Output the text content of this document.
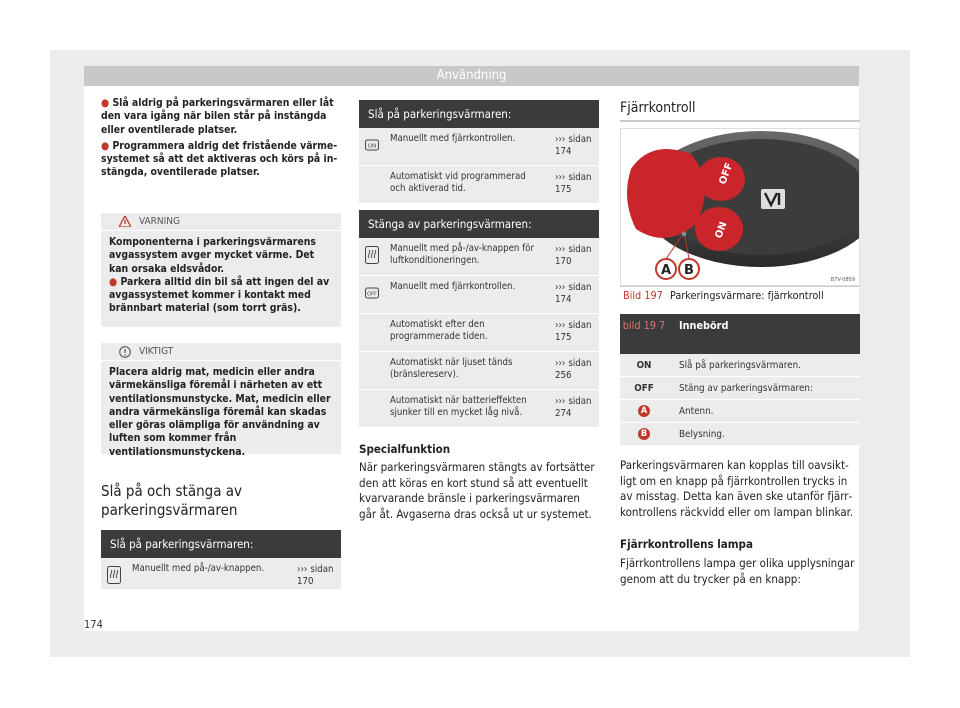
Användning
● Slå aldrig på parkeringsvärmaren eller låt den vara igång när bilen står på instängda eller oventilerade platser.
● Programmera aldrig det fristående värmesystemet så att det aktiveras och körs på instängda, oventilerade platser.
VARNING
Komponenterna i parkeringsvärmarens avgassystem avger mycket värme. Det kan orsaka eldsvådor.
● Parkera alltid din bil så att ingen del av avgassystemet kommer i kontakt med brännbart material (som torrt gräs).
VIKTIGT
Placera aldrig mat, medicin eller andra värmekänsliga föremål i närheten av ett ventilationsmunstycke. Mat, medicin eller andra värmekänsliga föremål kan skadas eller göras olämpliga för användning av luften som kommer från ventilationsmunstyckena.
Slå på och stänga av parkeringsvärmaren
Slå på parkeringsvärmaren:
Manuellt med på-/av-knappen.	››› sidan 170
Slå på parkeringsvärmaren:
ON
Manuellt med fjärrkontrollen.	››› sidan 174
Automatiskt vid programmerad och aktiverad tid.
››› sidan 175
Stänga av parkeringsvärmaren:
Manuellt med på-/av-knappen för luftkonditioneringen.
››› sidan 170
OFF
Manuellt med fjärrkontrollen.	››› sidan 174
Automatiskt efter den programmerade tiden.
››› sidan 175
Automatiskt när ljuset tänds (bränslereserv).
››› sidan 256
Automatiskt när batterieffekten sjunker till en mycket låg nivå.
››› sidan 274
Specialfunktion
När parkeringsvärmaren stängts av fortsätter den att köras en kort stund så att eventuellt kvarvarande bränsle i parkeringsvärmaren går åt. Avgaserna dras också ut ur systemet.
Fjärrkontroll
OFF
ON
A B
B7V-0859
Bild 197 Parkeringsvärmare: fjärrkontroll
bild 19 7	Innebörd
ON	Slå på parkeringsvärmaren.
OFF	Stäng av parkeringsvärmaren:
A	Antenn.
B	Belysning.
Parkeringsvärmaren kan kopplas till oavsiktligt om en knapp på fjärrkontrollen trycks in av misstag. Detta kan även ske utanför fjärrkontrollens räckvidd eller om lampan blinkar.
Fjärrkontrollens lampa
Fjärrkontrollens lampa ger olika upplysningar genom att du trycker på en knapp:
174
